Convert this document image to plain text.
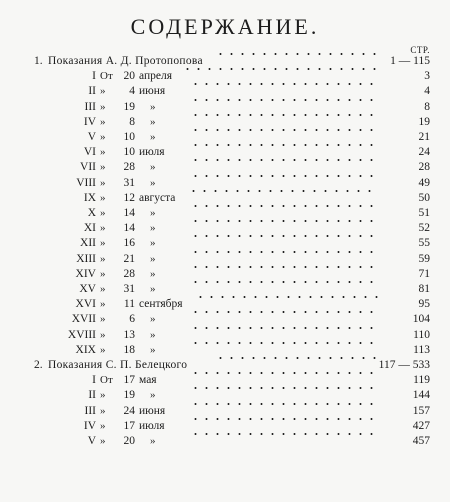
СОДЕРЖАНИЕ.
СТР.
1. Показания А. Д. Протопопова	1 — 115
I От 20 апреля	3
II » 4 июня	4
III » 19 »	8
IV » 8 »	19
V » 10 »	21
VI » 10 июля	24
VII » 28 »	28
VIII » 31 »	49
IX » 12 августа	50
X » 14 »	51
XI » 14 »	52
XII » 16 »	55
XIII » 21 »	59
XIV » 28 »	71
XV » 31 »	81
XVI » 11 сентября	95
XVII » 6 »	104
XVIII » 13 »	110
XIX » 18 »	113
2. Показания С. П. Белецкого	117 — 533
I От 17 мая	119
II » 19 »	144
III » 24 июня	157
IV » 17 июля	427
V » 20 »	457
